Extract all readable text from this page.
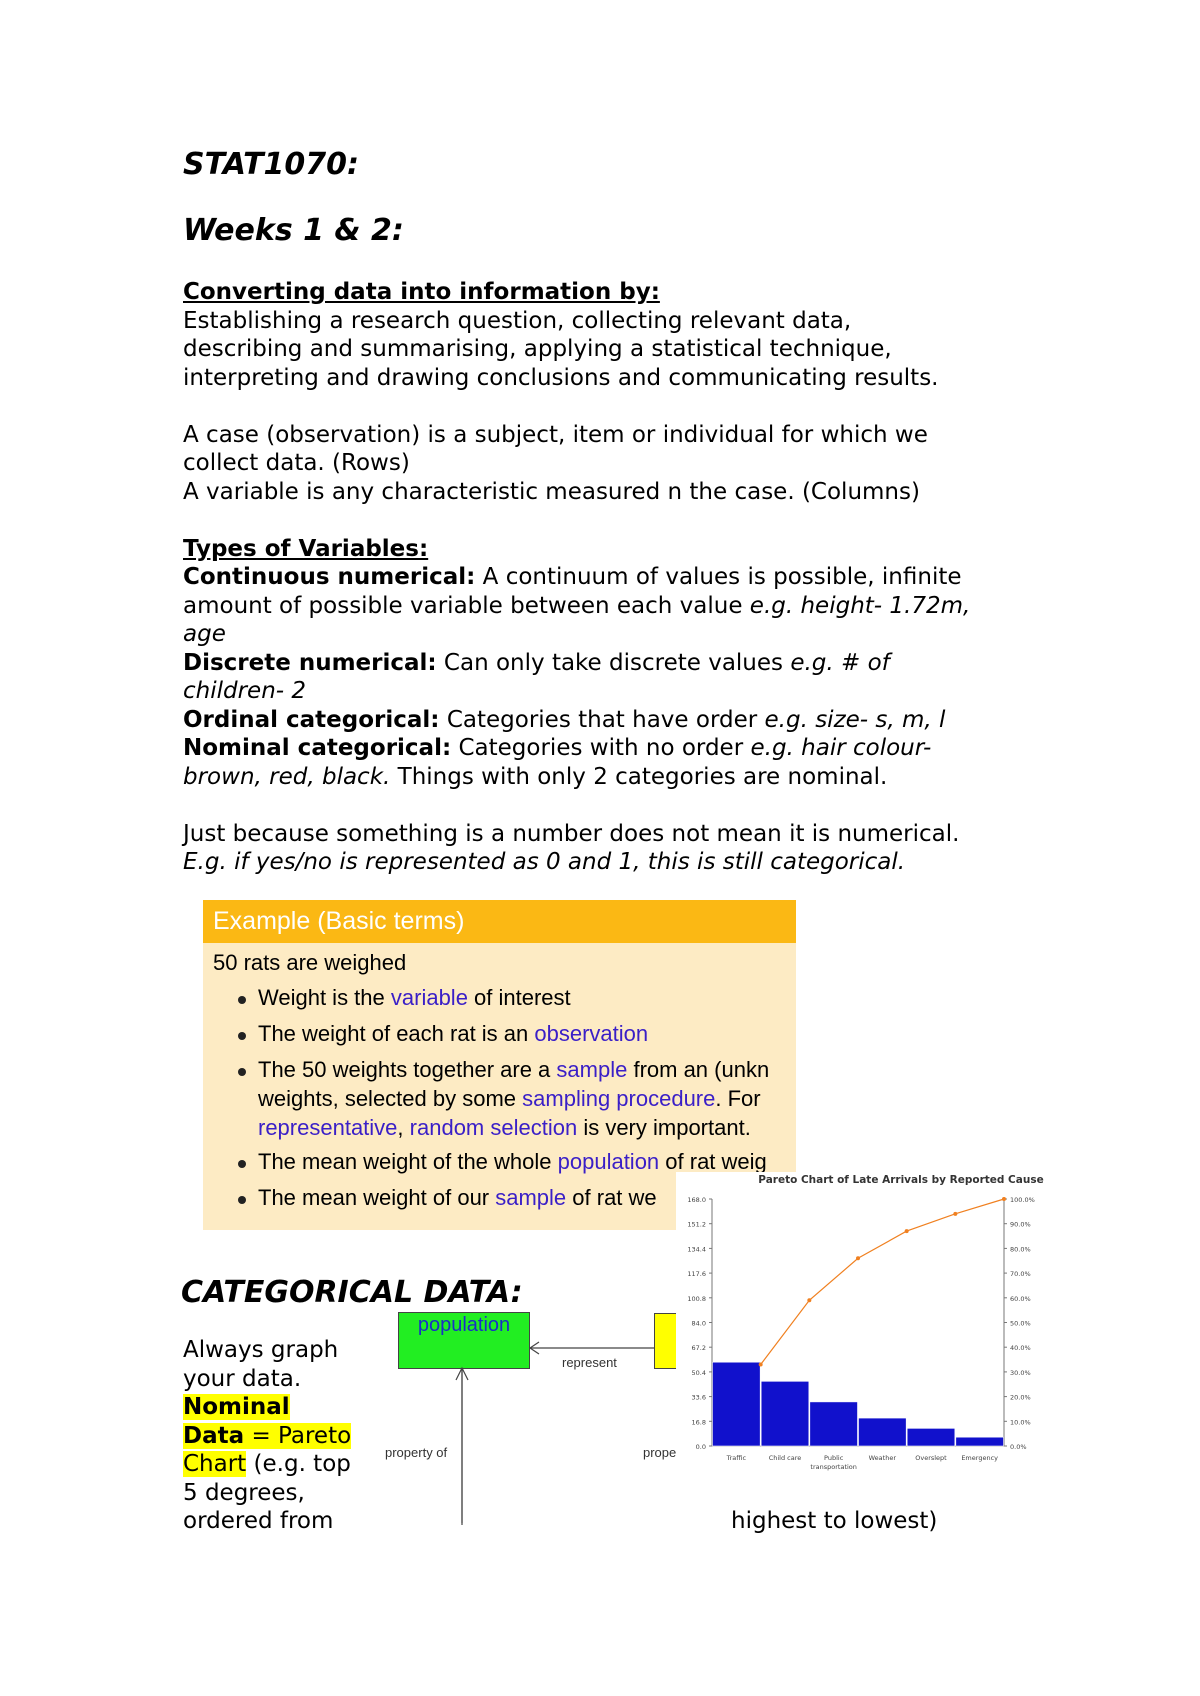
STAT1070:
Weeks 1 & 2:
Converting data into information by:
Establishing a research question, collecting relevant data,
describing and summarising, applying a statistical technique,
interpreting and drawing conclusions and communicating results.
A case (observation) is a subject, item or individual for which we
collect data. (Rows)
A variable is any characteristic measured n the case. (Columns)
Types of Variables:
Continuous numerical: A continuum of values is possible, infinite
amount of possible variable between each value e.g. height- 1.72m,
age
Discrete numerical: Can only take discrete values e.g. # of
children- 2
Ordinal categorical: Categories that have order e.g. size- s, m, l
Nominal categorical: Categories with no order e.g. hair colour-
brown, red, black. Things with only 2 categories are nominal.
Just because something is a number does not mean it is numerical.
E.g. if yes/no is represented as 0 and 1, this is still categorical.
Example (Basic terms)
50 rats are weighed
Weight is the variable of interest
The weight of each rat is an observation
The 50 weights together are a sample from an (unkn
weights, selected by some sampling procedure. For
representative, random selection is very important.
The mean weight of the whole population of rat weig
The mean weight of our sample of rat we
CATEGORICAL DATA:
Always graph
your data.
Nominal
Data = Pareto
Chart (e.g. top
5 degrees,
ordered from	highest to lowest)
population
represent
property of	prope
Pareto Chart of Late Arrivals by Reported Cause
0.0	0.0%
16.8	10.0%
33.6	20.0%
50.4	30.0%
67.2	40.0%
84.0	50.0%
100.8	60.0%
117.6	70.0%
134.4	80.0%
151.2	90.0%
168.0	100.0%
Traffic	Child care	Public
transportation
Weather	Overslept Emergency
